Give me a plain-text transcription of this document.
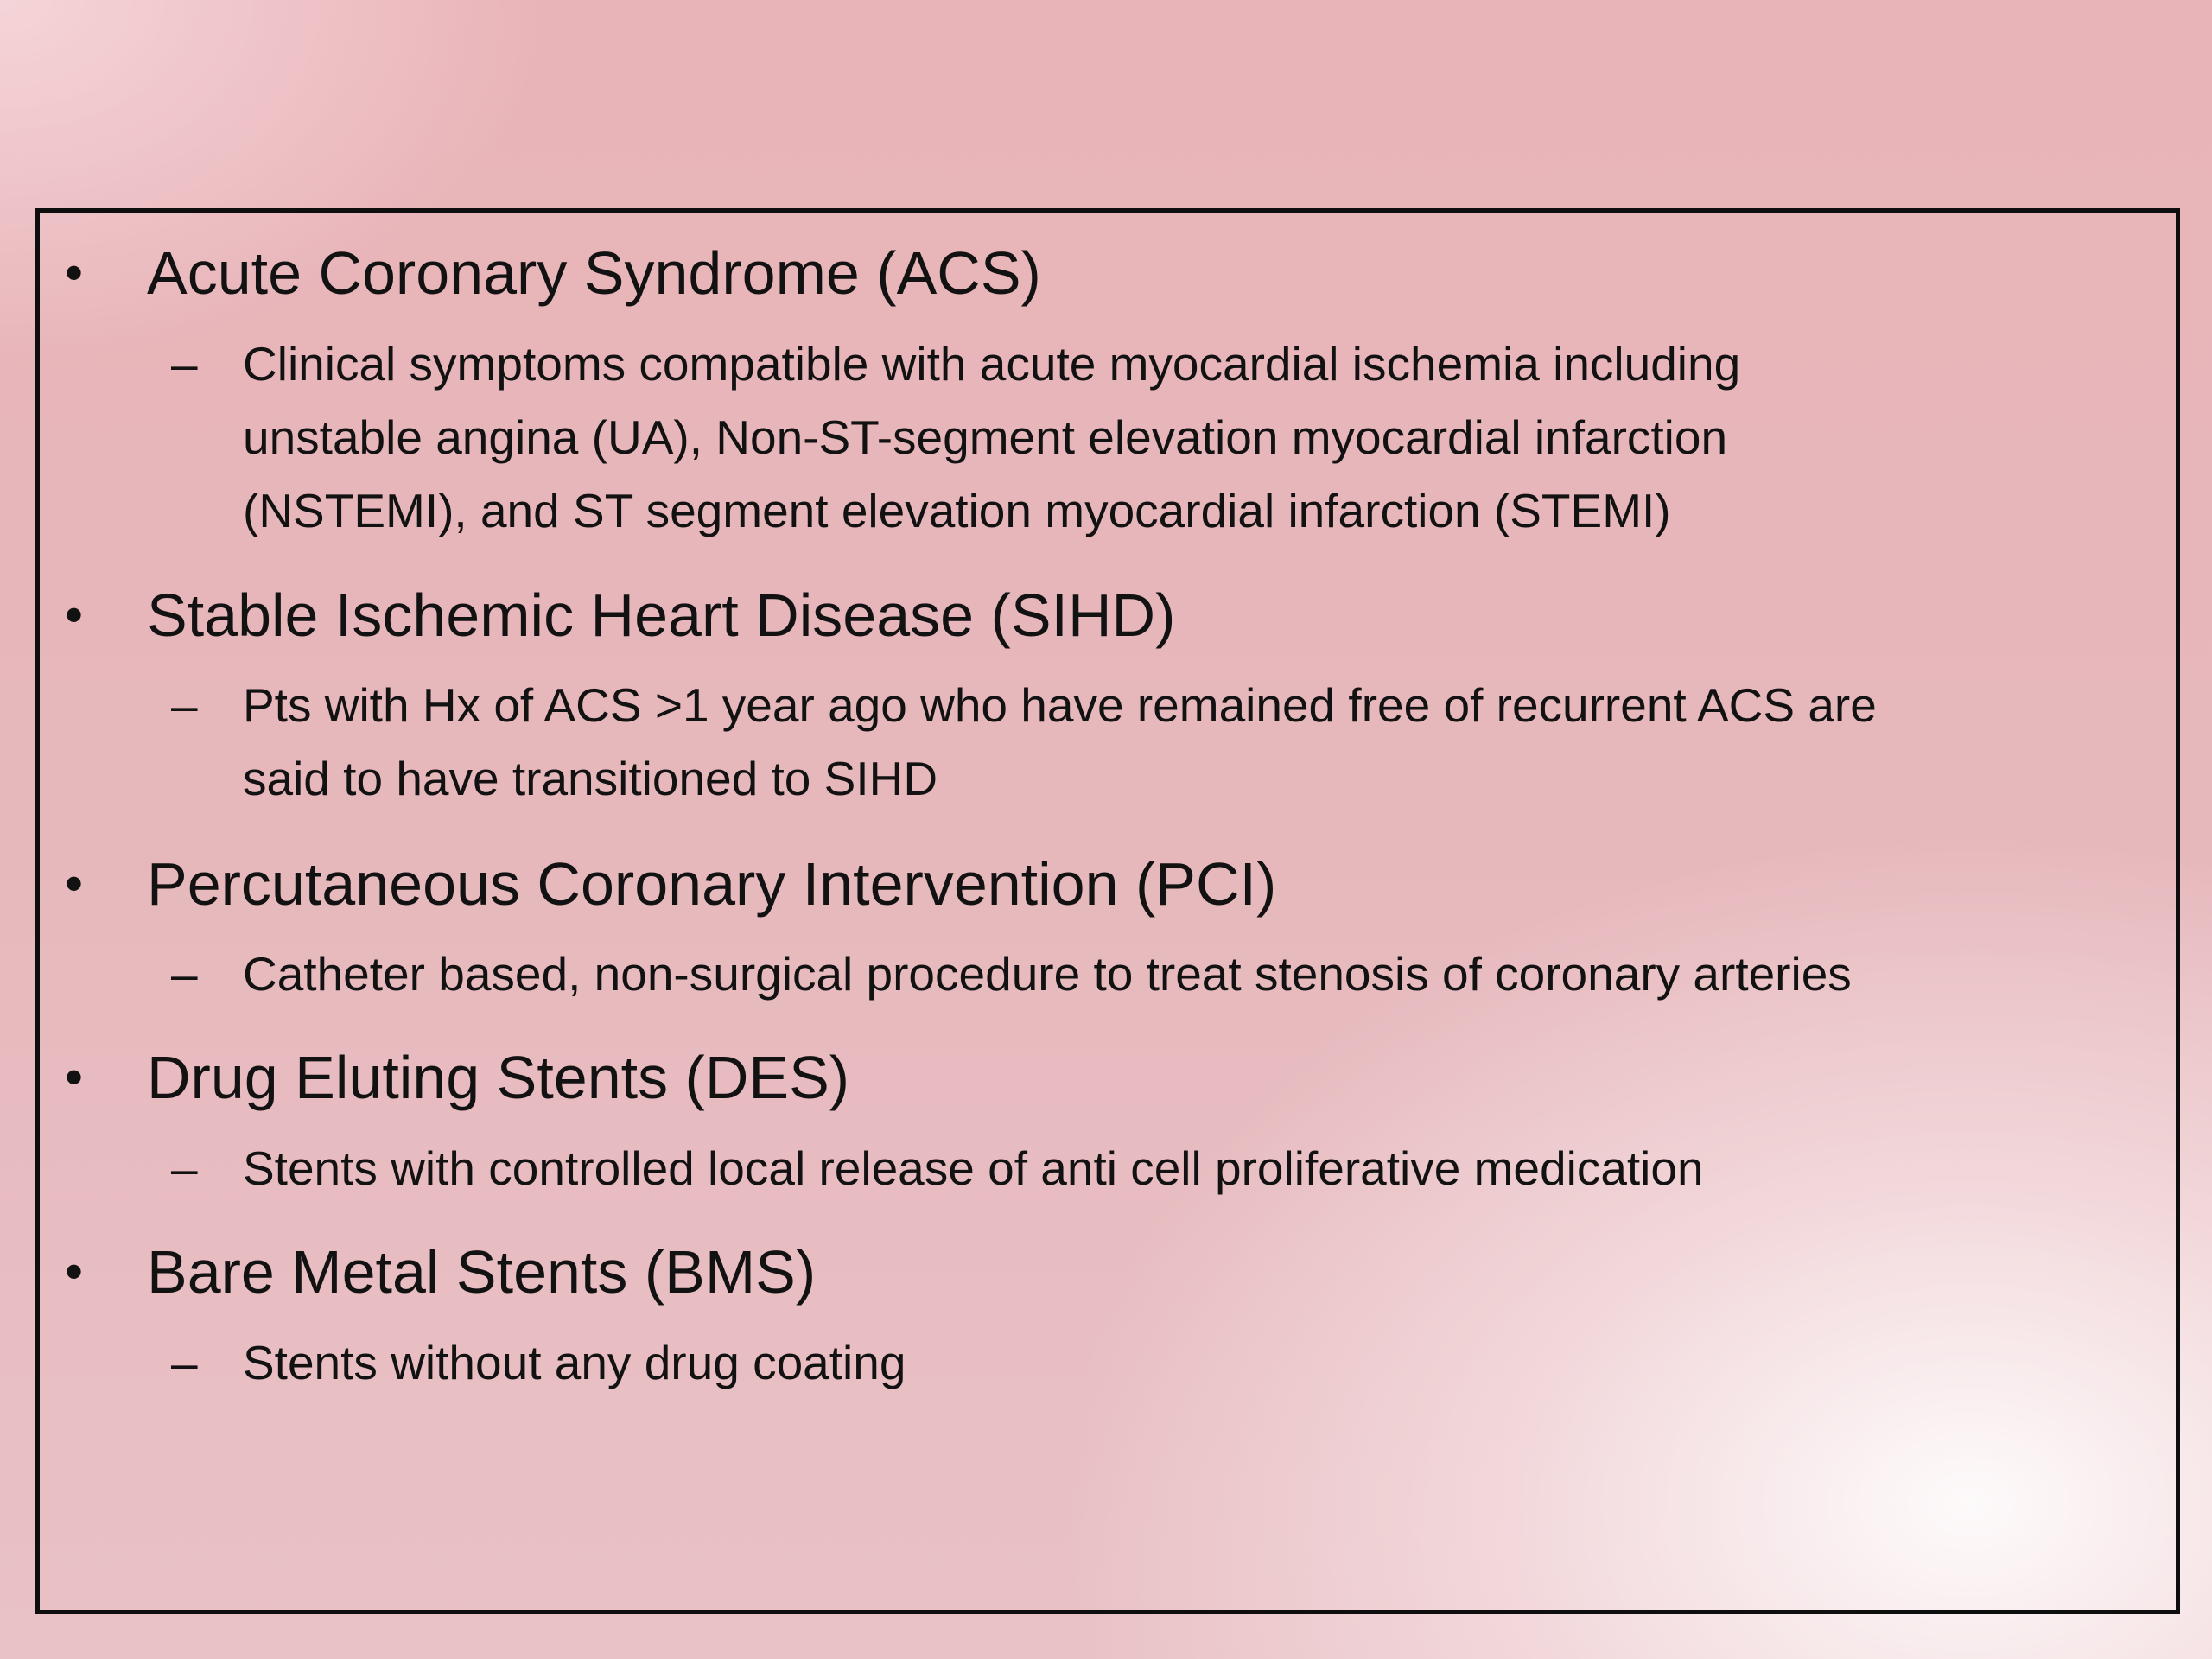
• Acute Coronary Syndrome (ACS)
– Clinical symptoms compatible with acute myocardial ischemia including
unstable angina (UA), Non-ST-segment elevation myocardial infarction
(NSTEMI), and ST segment elevation myocardial infarction (STEMI)
• Stable Ischemic Heart Disease (SIHD)
– Pts with Hx of ACS >1 year ago who have remained free of recurrent ACS are
said to have transitioned to SIHD
• Percutaneous Coronary Intervention (PCI)
– Catheter based, non-surgical procedure to treat stenosis of coronary arteries
• Drug Eluting Stents (DES)
– Stents with controlled local release of anti cell proliferative medication
• Bare Metal Stents (BMS)
– Stents without any drug coating
